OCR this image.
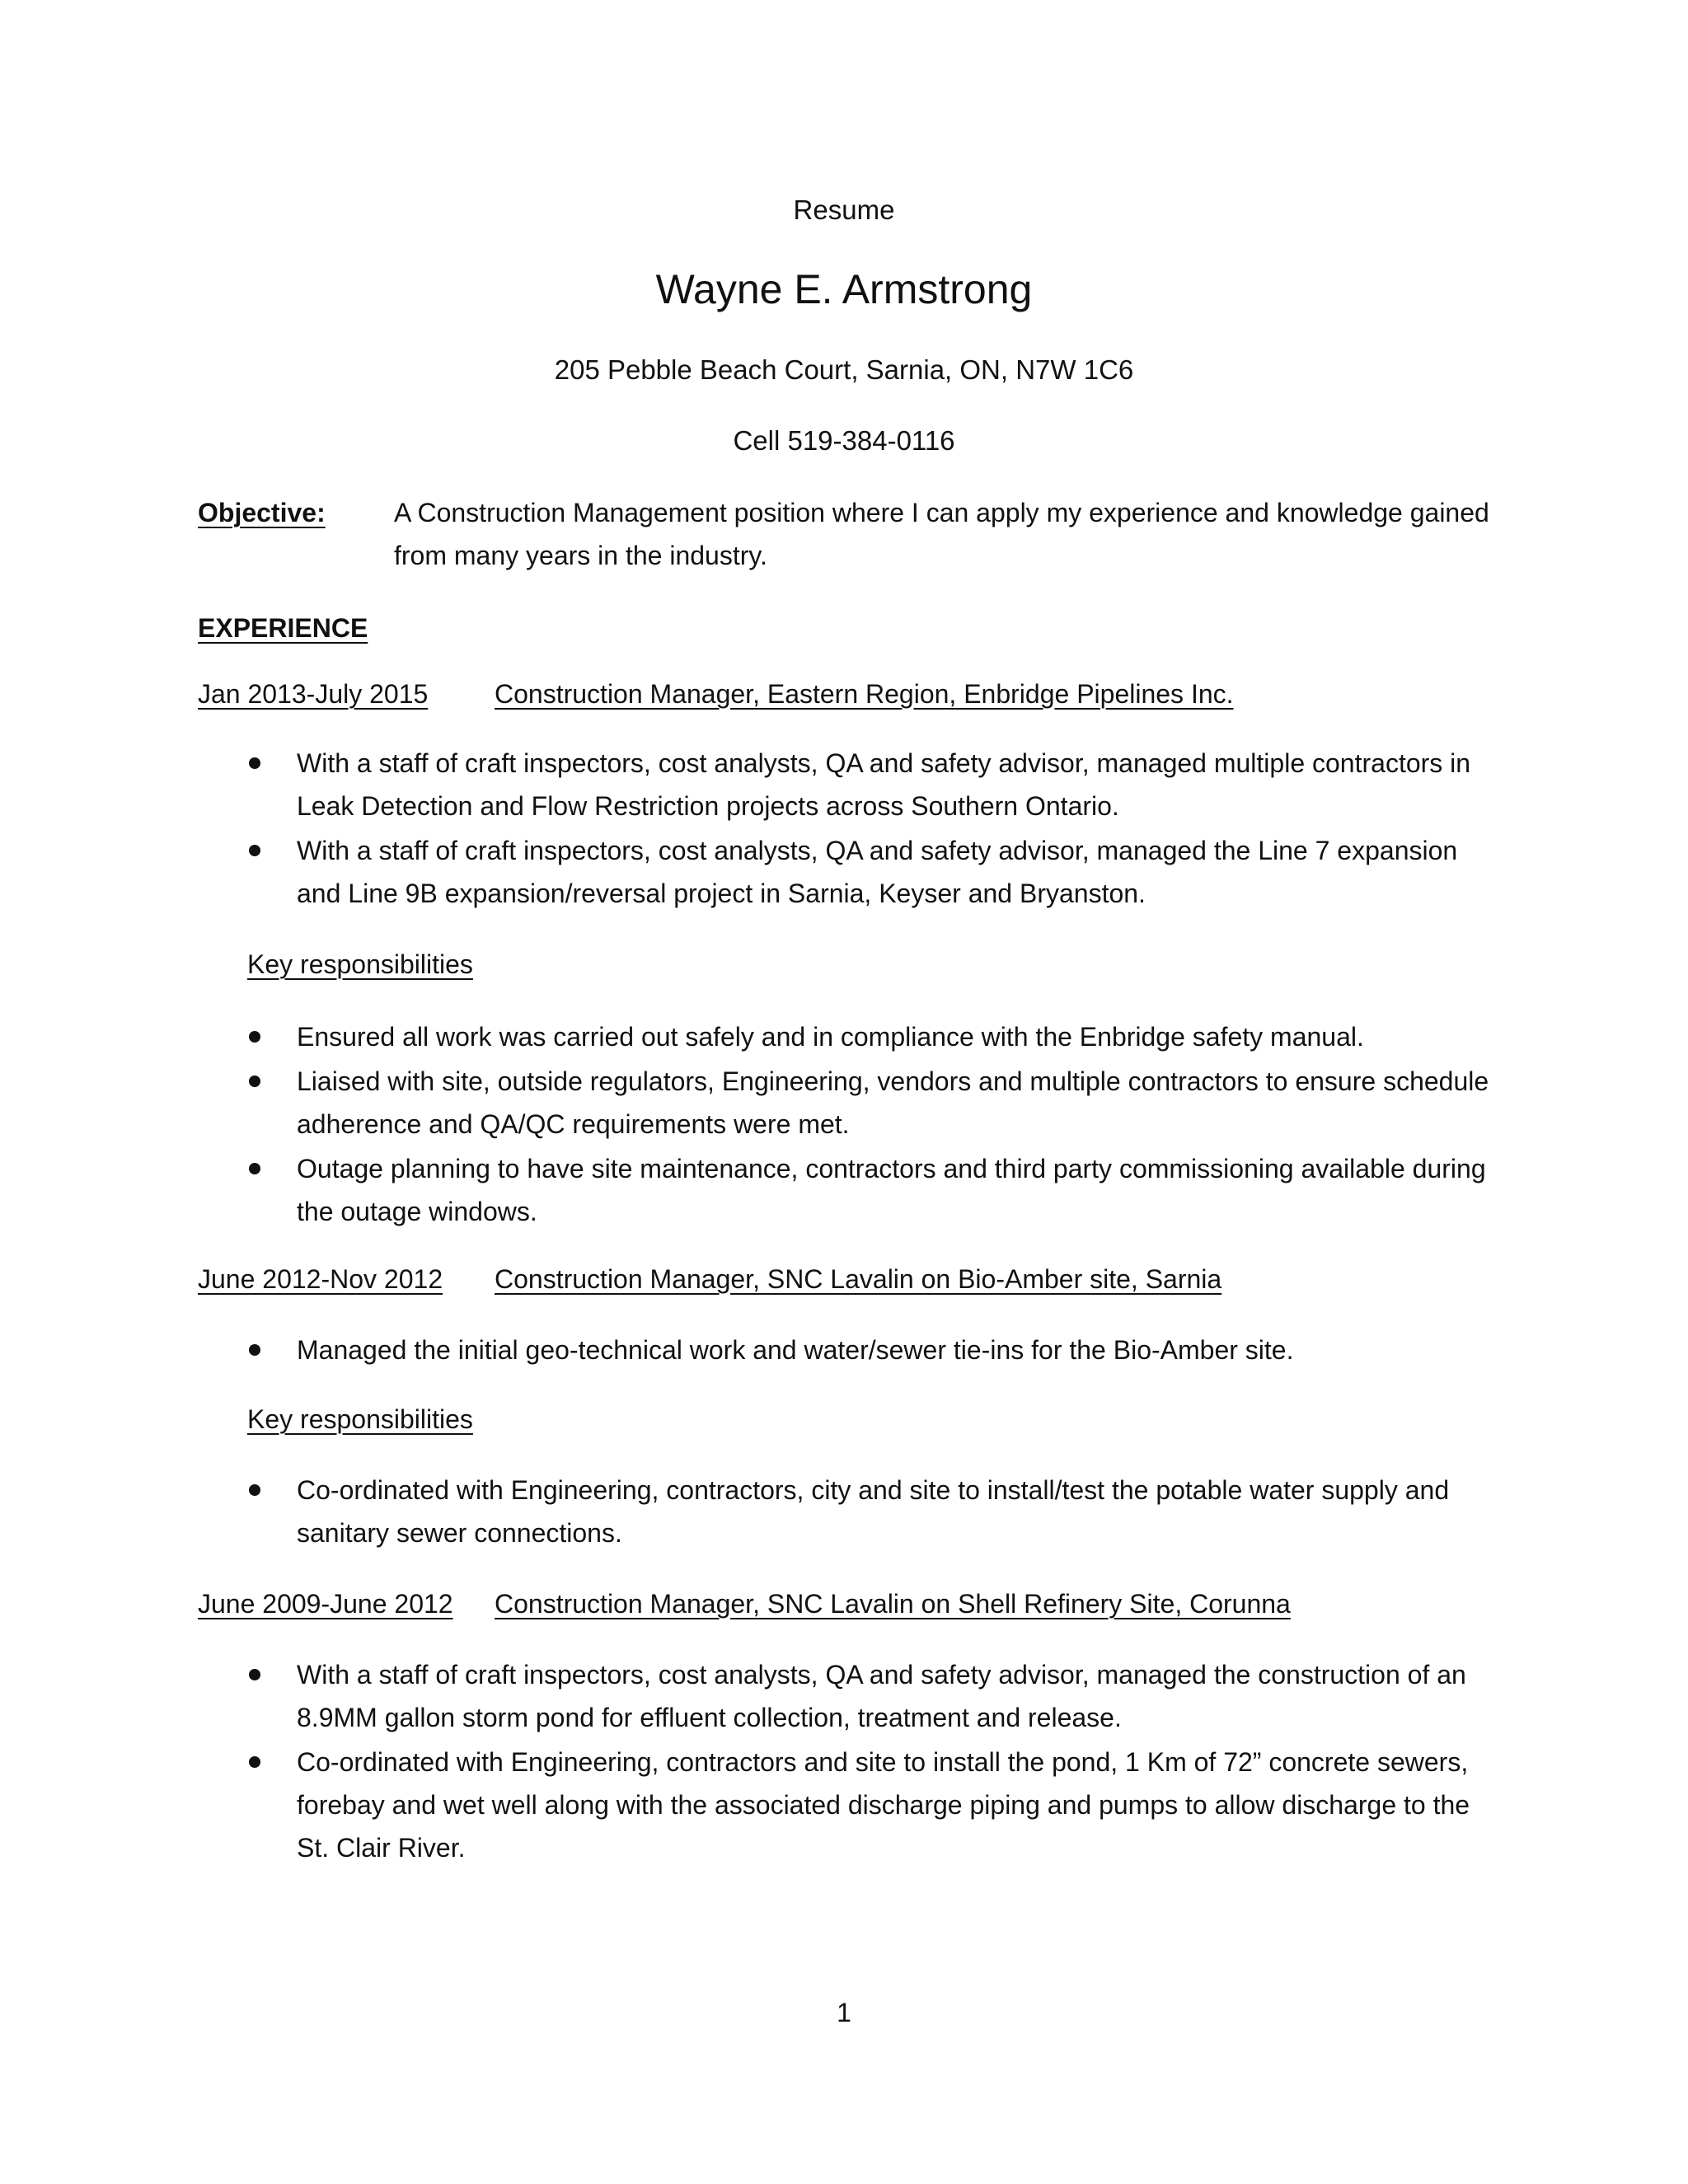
Resume
Wayne E. Armstrong
205 Pebble Beach Court, Sarnia, ON, N7W 1C6
Cell 519-384-0116
Objective:	A Construction Management position where I can apply my experience and knowledge gained from many years in the industry.
EXPERIENCE
Jan 2013-July 2015	Construction Manager, Eastern Region, Enbridge Pipelines Inc.
With a staff of craft inspectors, cost analysts, QA and safety advisor, managed multiple contractors in Leak Detection and Flow Restriction projects across Southern Ontario.
With a staff of craft inspectors, cost analysts, QA and safety advisor, managed the Line 7 expansion and Line 9B expansion/reversal project in Sarnia, Keyser and Bryanston.
Key responsibilities
Ensured all work was carried out safely and in compliance with the Enbridge safety manual.
Liaised with site, outside regulators, Engineering, vendors and multiple contractors to ensure schedule adherence and QA/QC requirements were met.
Outage planning to have site maintenance, contractors and third party commissioning available during the outage windows.
June 2012-Nov 2012 Construction Manager, SNC Lavalin on Bio-Amber site, Sarnia
Managed the initial geo-technical work and water/sewer tie-ins for the Bio-Amber site.
Key responsibilities
Co-ordinated with Engineering, contractors, city and site to install/test the potable water supply and sanitary sewer connections.
June 2009-June 2012 Construction Manager, SNC Lavalin on Shell Refinery Site, Corunna
With a staff of craft inspectors, cost analysts, QA and safety advisor, managed the construction of an 8.9MM gallon storm pond for effluent collection, treatment and release.
Co-ordinated with Engineering, contractors and site to install the pond, 1 Km of 72” concrete sewers, forebay and wet well along with the associated discharge piping and pumps to allow discharge to the St. Clair River.
1
